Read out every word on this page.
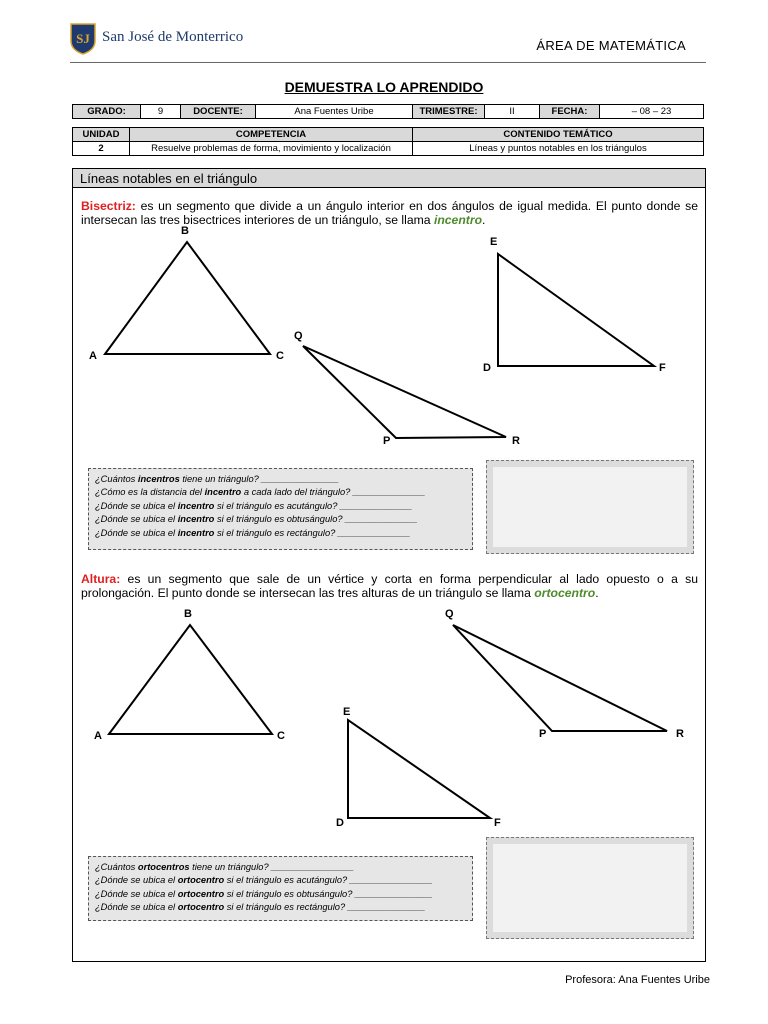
SJ San José de Monterrico
ÁREA DE MATEMÁTICA
DEMUESTRA LO APRENDIDO
GRADO:	9	DOCENTE:	Ana Fuentes Uribe	TRIMESTRE:	II	FECHA:	– 08 – 23
UNIDAD	COMPETENCIA	CONTENIDO TEMÁTICO
2	Resuelve problemas de forma, movimiento y localización	Líneas y puntos notables en los triángulos
Líneas notables en el triángulo
Bisectriz: es un segmento que divide a un ángulo interior en dos ángulos de igual medida. El punto donde se intersecan las tres bisectrices interiores de un triángulo, se llama incentro.
A
B
C
Q
P	R
E
D	F
¿Cuántos incentros tiene un triángulo? _______________
¿Cómo es la distancia del incentro a cada lado del triángulo? ______________
¿Dónde se ubica el incentro si el triángulo es acutángulo? ______________
¿Dónde se ubica el incentro si el triángulo es obtusángulo? ______________
¿Dónde se ubica el incentro si el triángulo es rectángulo? ______________
Altura: es un segmento que sale de un vértice y corta en forma perpendicular al lado opuesto o a su prolongación. El punto donde se intersecan las tres alturas de un triángulo se llama ortocentro.
A
B
C
E
D	F
Q
P	R
¿Cuántos ortocentros tiene un triángulo? ________________
¿Dónde se ubica el ortocentro si el triángulo es acutángulo? ________________
¿Dónde se ubica el ortocentro si el triángulo es obtusángulo? _______________
¿Dónde se ubica el ortocentro si el triángulo es rectángulo? _______________
Profesora: Ana Fuentes Uribe
